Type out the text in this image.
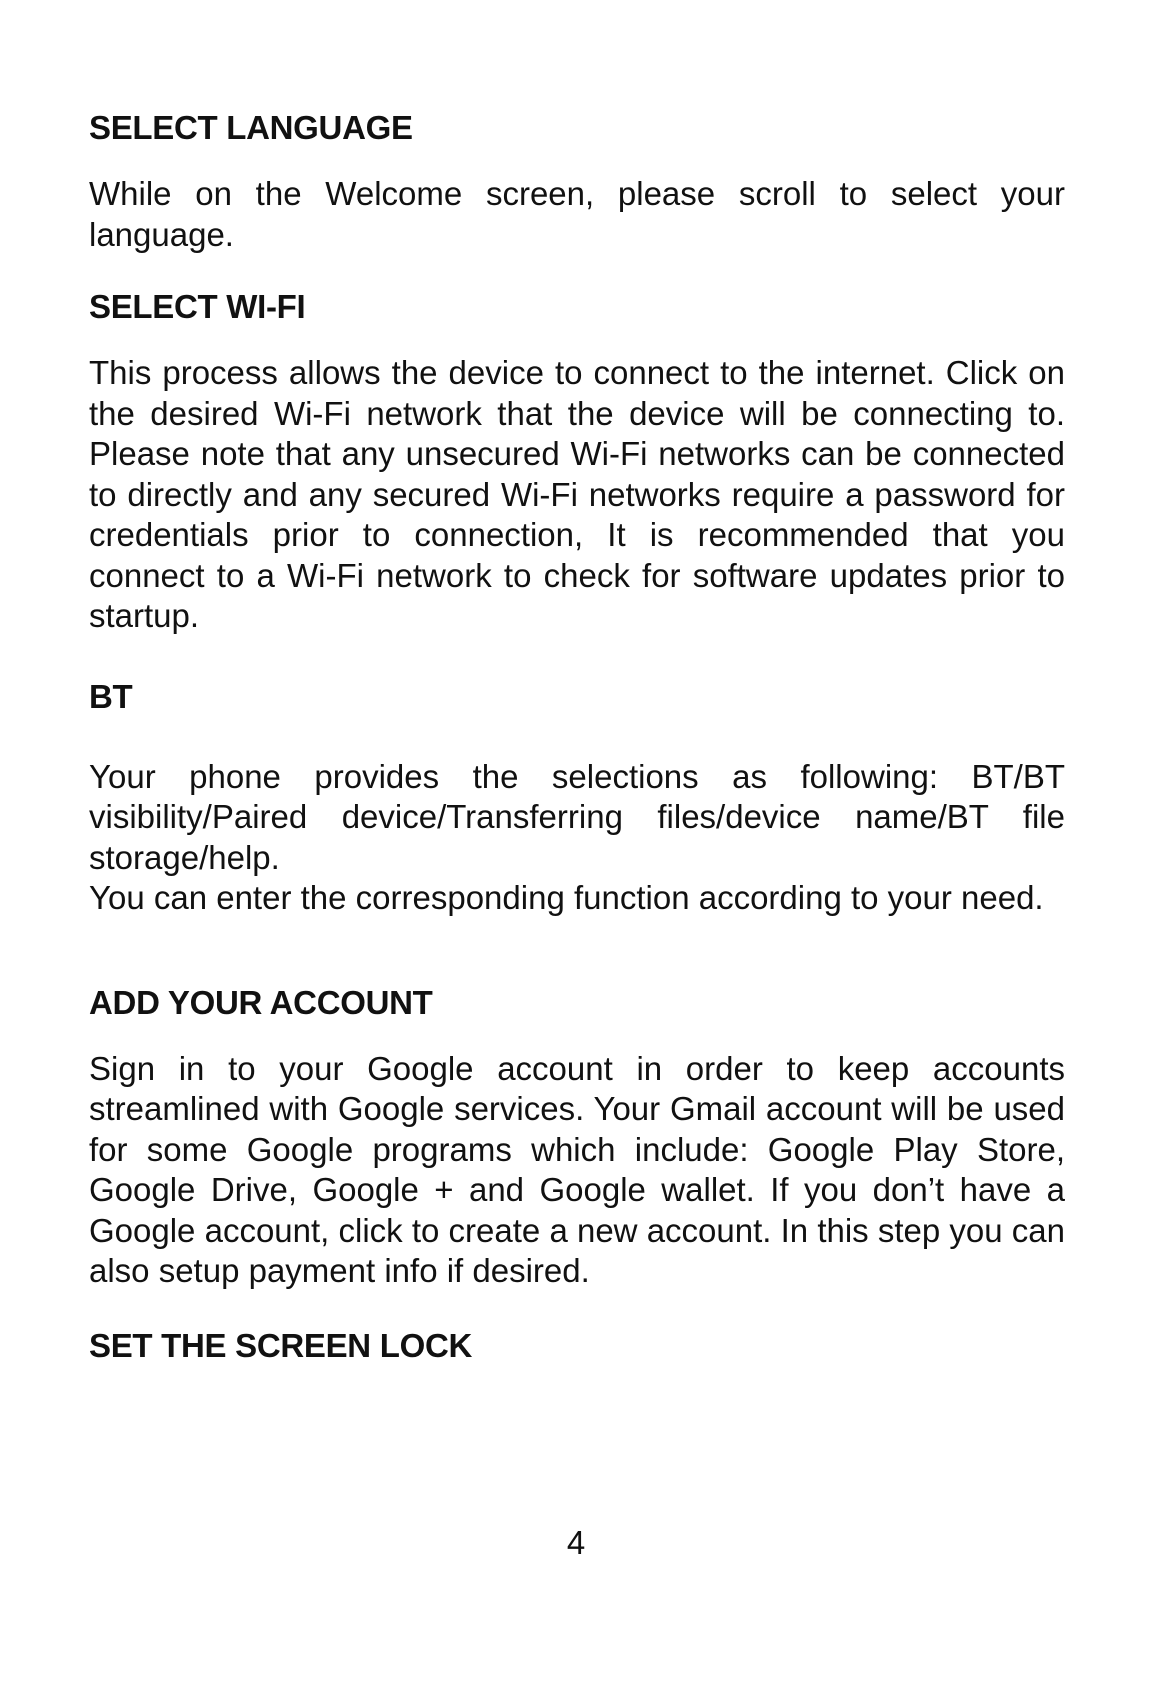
SELECT LANGUAGE

While on the Welcome screen, please scroll to select your language.

SELECT WI-FI

This process allows the device to connect to the internet. Click on the desired Wi-Fi network that the device will be connecting to. Please note that any unsecured Wi-Fi networks can be connected to directly and any secured Wi-Fi networks require a password for credentials prior to connection, It is recommended that you connect to a Wi-Fi network to check for software updates prior to startup.

BT

Your phone provides the selections as following: BT/BT visibility/Paired device/Transferring files/device name/BT file storage/help.

You can enter the corresponding function according to your need.

ADD YOUR ACCOUNT

Sign in to your Google account in order to keep accounts streamlined with Google services. Your Gmail account will be used for some Google programs which include: Google Play Store, Google Drive, Google + and Google wallet. If you don’t have a Google account, click to create a new account. In this step you can also setup payment info if desired.

SET THE SCREEN LOCK
4
